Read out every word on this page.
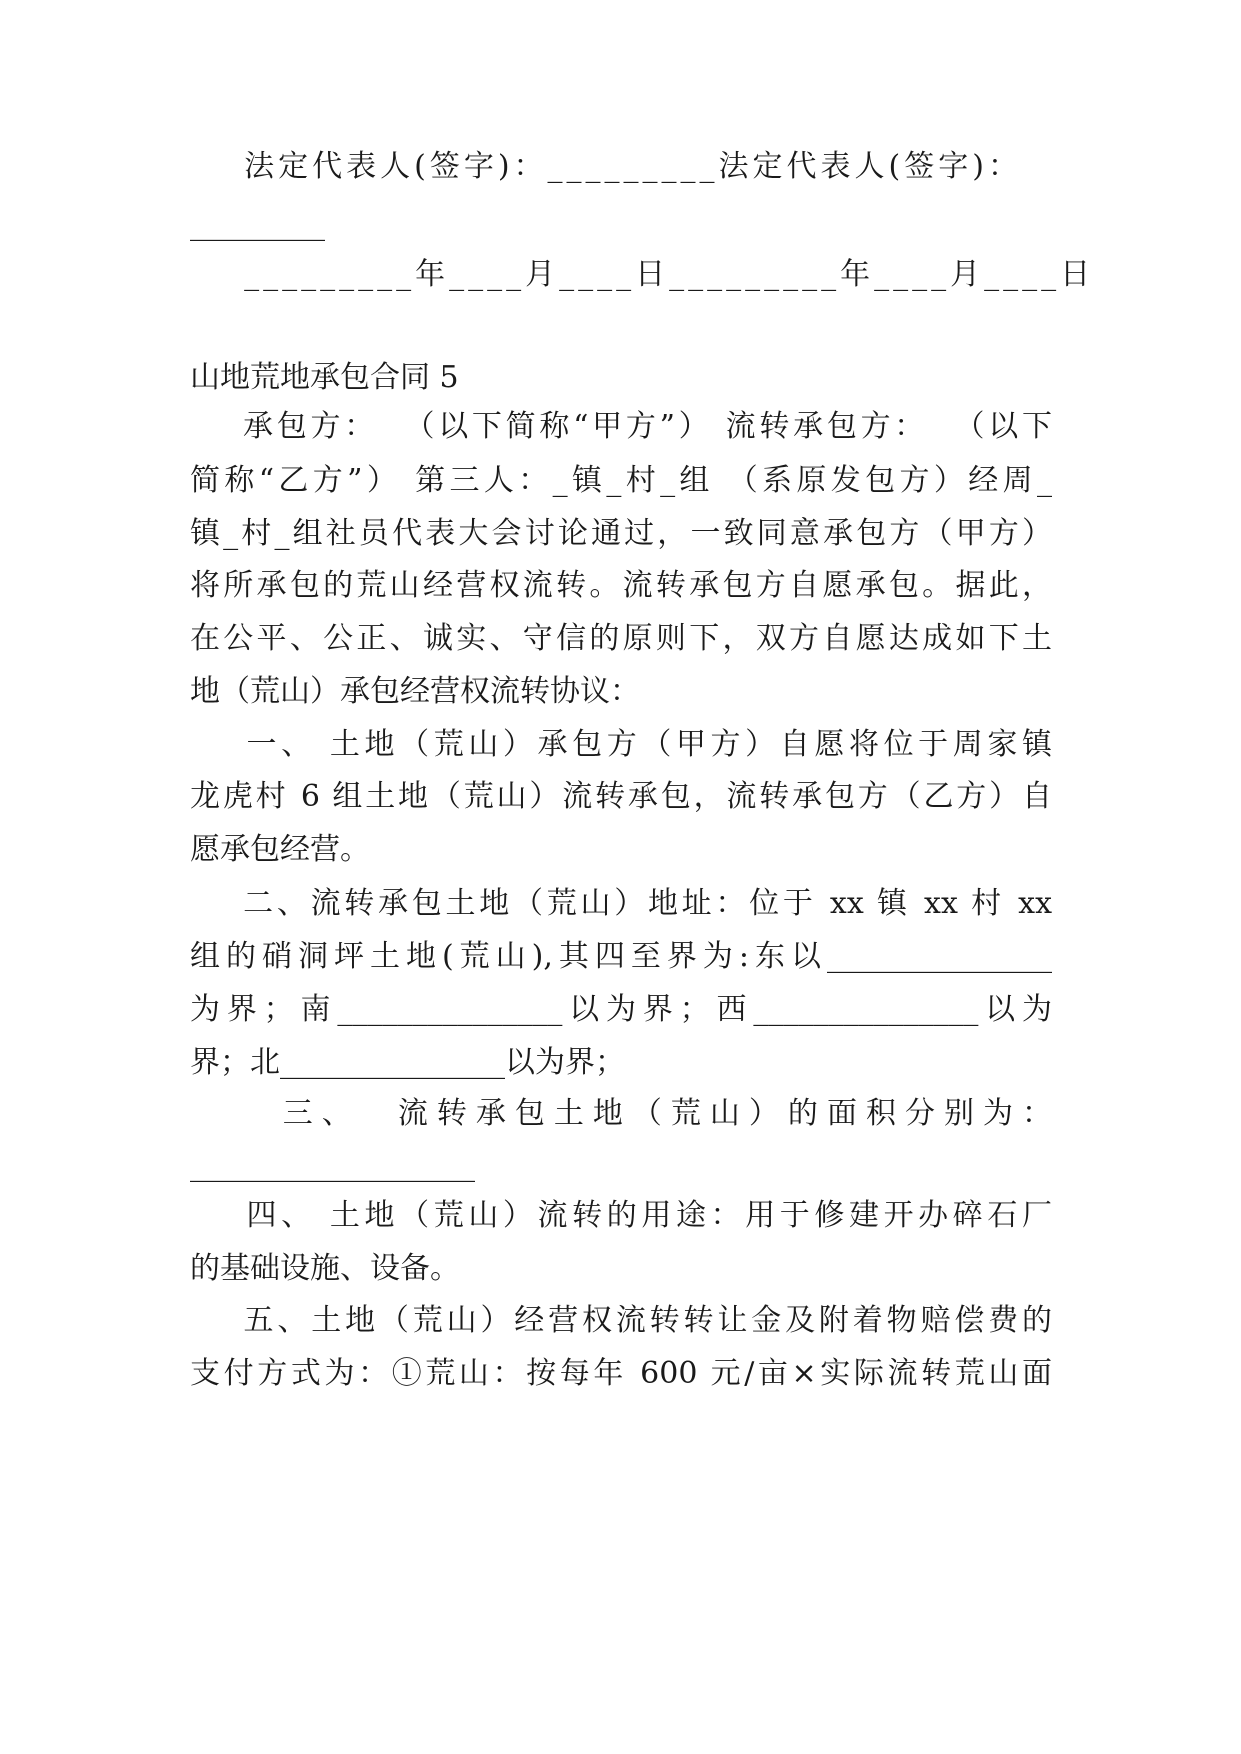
法定代表人(签字)：_________法定代表人(签字)：
_________
_________年____月____日_________年____月____日
山地荒地承包合同 5
承包方：  （以下简称“甲方”） 流转承包方：  （以下
简称“乙方”） 第三人：_镇_村_组 （系原发包方）经周_
镇_村_组社员代表大会讨论通过，一致同意承包方（甲方）
将所承包的荒山经营权流转。流转承包方自愿承包。据此，
在公平、公正、诚实、守信的原则下，双方自愿达成如下土
地（荒山）承包经营权流转协议：
一、 土地（荒山）承包方（甲方）自愿将位于周家镇
龙虎村 6 组土地（荒山）流转承包，流转承包方（乙方）自
愿承包经营。
二、流转承包土地（荒山）地址：位于 xx 镇 xx 村 xx
组的硝洞坪土地(荒山),其四至界为:东以_______________
为界；南_______________以为界；西_______________以为
界；北_______________以为界；
三、  流转承包土地（荒山）的面积分别为：
___________________
四、 土地（荒山）流转的用途：用于修建开办碎石厂
的基础设施、设备。
五、土地（荒山）经营权流转转让金及附着物赔偿费的
支付方式为：①荒山：按每年 600 元/亩×实际流转荒山面
